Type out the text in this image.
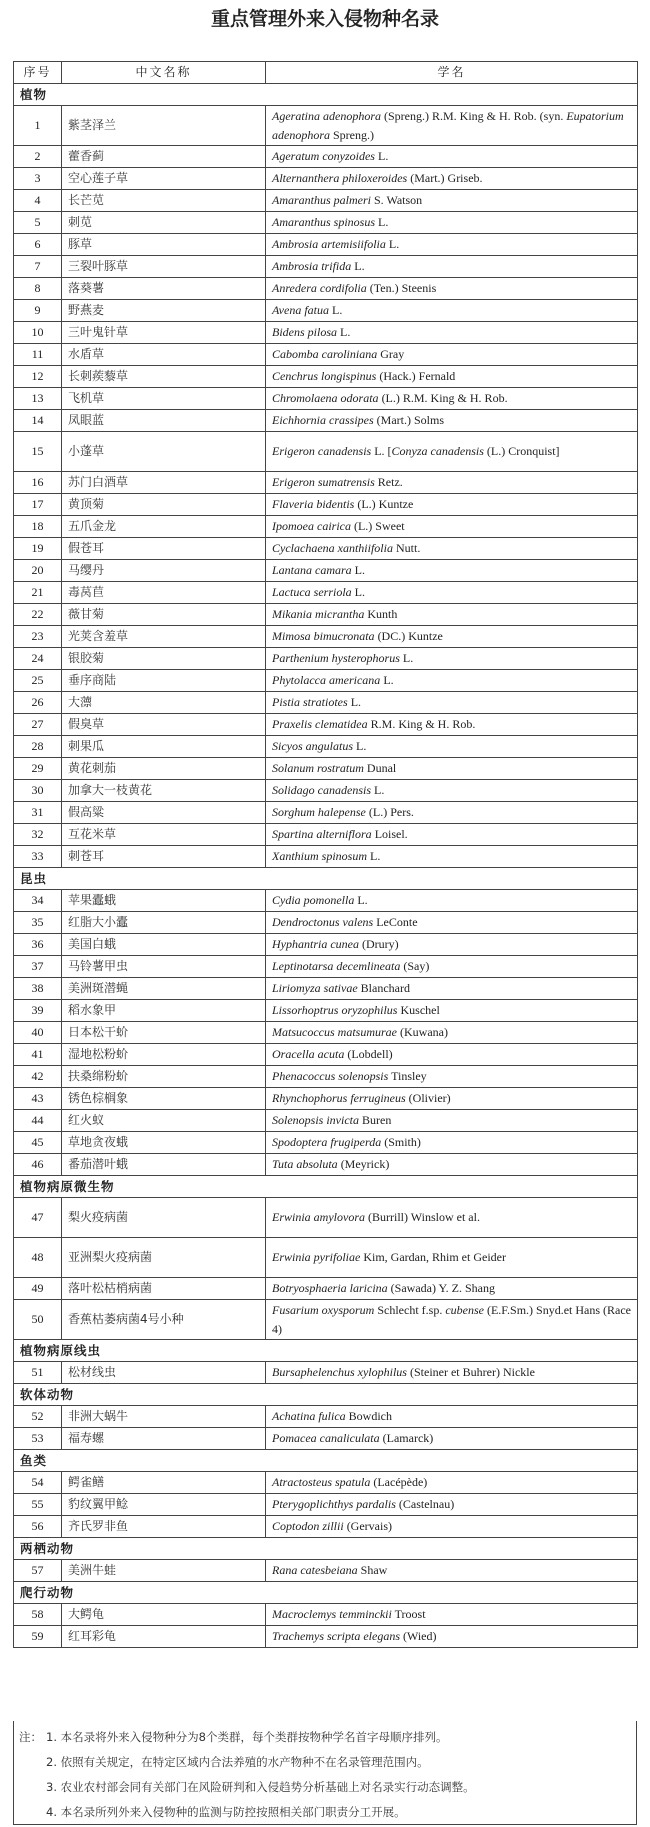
重点管理外来入侵物种名录
序号	中文名称	学名
植物		
1	紫茎泽兰	Ageratina adenophora (Spreng.) R.M. King & H. Rob. (syn. Eupatorium adenophora Spreng.)
2	藿香蓟	Ageratum conyzoides L.
3	空心莲子草	Alternanthera philoxeroides (Mart.) Griseb.
4	长芒苋	Amaranthus palmeri S. Watson
5	刺苋	Amaranthus spinosus L.
6	豚草	Ambrosia artemisiifolia L.
7	三裂叶豚草	Ambrosia trifida L.
8	落葵薯	Anredera cordifolia (Ten.) Steenis
9	野燕麦	Avena fatua L.
10	三叶鬼针草	Bidens pilosa L.
11	水盾草	Cabomba caroliniana Gray
12	长刺蒺藜草	Cenchrus longispinus (Hack.) Fernald
13	飞机草	Chromolaena odorata (L.) R.M. King & H. Rob.
14	凤眼蓝	Eichhornia crassipes (Mart.) Solms
15	小蓬草	Erigeron canadensis L. [Conyza canadensis (L.) Cronquist]
16	苏门白酒草	Erigeron sumatrensis Retz.
17	黄顶菊	Flaveria bidentis (L.) Kuntze
18	五爪金龙	Ipomoea cairica (L.) Sweet
19	假苍耳	Cyclachaena xanthiifolia Nutt.
20	马缨丹	Lantana camara L.
21	毒莴苣	Lactuca serriola L.
22	薇甘菊	Mikania micrantha Kunth
23	光荚含羞草	Mimosa bimucronata (DC.) Kuntze
24	银胶菊	Parthenium hysterophorus L.
25	垂序商陆	Phytolacca americana L.
26	大薸	Pistia stratiotes L.
27	假臭草	Praxelis clematidea R.M. King & H. Rob.
28	刺果瓜	Sicyos angulatus L.
29	黄花刺茄	Solanum rostratum Dunal
30	加拿大一枝黄花	Solidago canadensis L.
31	假高粱	Sorghum halepense (L.) Pers.
32	互花米草	Spartina alterniflora Loisel.
33	刺苍耳	Xanthium spinosum L.
昆虫		
34	苹果蠹蛾	Cydia pomonella L.
35	红脂大小蠹	Dendroctonus valens LeConte
36	美国白蛾	Hyphantria cunea (Drury)
37	马铃薯甲虫	Leptinotarsa decemlineata (Say)
38	美洲斑潜蝇	Liriomyza sativae Blanchard
39	稻水象甲	Lissorhoptrus oryzophilus Kuschel
40	日本松干蚧	Matsucoccus matsumurae (Kuwana)
41	湿地松粉蚧	Oracella acuta (Lobdell)
42	扶桑绵粉蚧	Phenacoccus solenopsis Tinsley
43	锈色棕榈象	Rhynchophorus ferrugineus (Olivier)
44	红火蚁	Solenopsis invicta Buren
45	草地贪夜蛾	Spodoptera frugiperda (Smith)
46	番茄潜叶蛾	Tuta absoluta (Meyrick)
植物病原微生物		
47	梨火疫病菌	Erwinia amylovora (Burrill) Winslow et al.
48	亚洲梨火疫病菌	Erwinia pyrifoliae Kim, Gardan, Rhim et Geider
49	落叶松枯梢病菌	Botryosphaeria laricina (Sawada) Y. Z. Shang
50	香蕉枯萎病菌4号小种	Fusarium oxysporum Schlecht f.sp. cubense (E.F.Sm.) Snyd.et Hans (Race 4)
植物病原线虫		
51	松材线虫	Bursaphelenchus xylophilus (Steiner et Buhrer) Nickle
软体动物		
52	非洲大蜗牛	Achatina fulica Bowdich
53	福寿螺	Pomacea canaliculata (Lamarck)
鱼类		
54	鳄雀鳝	Atractosteus spatula (Lacépède)
55	豹纹翼甲鲶	Pterygoplichthys pardalis (Castelnau)
56	齐氏罗非鱼	Coptodon zillii (Gervais)
两栖动物		
57	美洲牛蛙	Rana catesbeiana Shaw
爬行动物		
58	大鳄龟	Macroclemys temminckii Troost
59	红耳彩龟	Trachemys scripta elegans (Wied)
注： 1. 本名录将外来入侵物种分为8个类群，每个类群按物种学名首字母顺序排列。
2. 依照有关规定，在特定区域内合法养殖的水产物种不在名录管理范围内。
3. 农业农村部会同有关部门在风险研判和入侵趋势分析基础上对名录实行动态调整。
4. 本名录所列外来入侵物种的监测与防控按照相关部门职责分工开展。
